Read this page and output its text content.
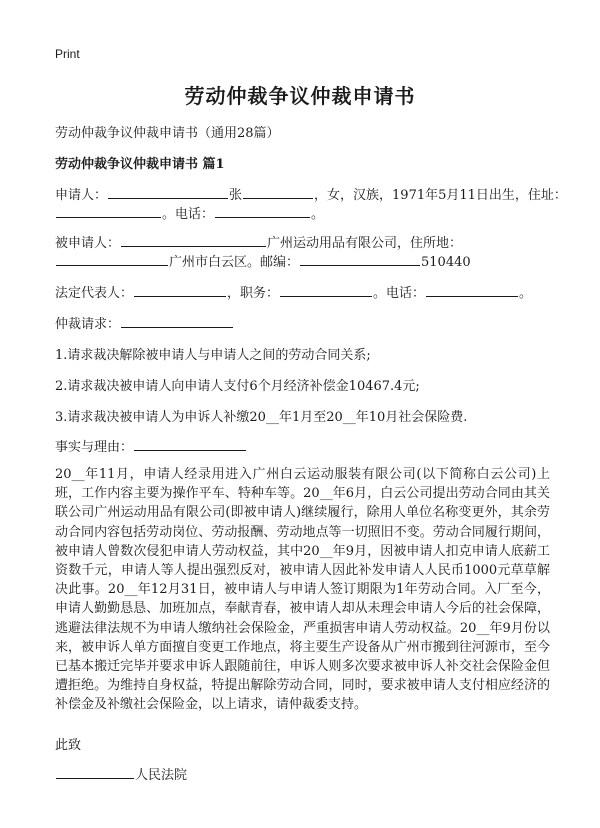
Print
劳动仲裁争议仲裁申请书
劳动仲裁争议仲裁申请书（通用28篇）
劳动仲裁争议仲裁申请书 篇1
申请人：	张	，女，汉族，1971年5月11日出生，住址：
。电话：	。
被申请人：	广州运动用品有限公司，住所地：
广州市白云区。邮编：	510440
法定代表人：	，职务：	。电话：	。
仲裁请求：
1.请求裁决解除被申请人与申请人之间的劳动合同关系;
2.请求裁决被申请人向申请人支付6个月经济补偿金10467.4元;
3.请求裁决被申请人为申诉人补缴20__年1月至20__年10月社会保险费.
事实与理由：
20__年11月，申请人经录用进入广州白云运动服装有限公司(以下简称白云公司)上班，工作内容主要为操作平车、特种车等。20__年6月，白云公司提出劳动合同由其关联公司广州运动用品有限公司(即被申请人)继续履行，除用人单位名称变更外，其余劳动合同内容包括劳动岗位、劳动报酬、劳动地点等一切照旧不变。劳动合同履行期间，被申请人曾数次侵犯申请人劳动权益，其中20__年9月，因被申请人扣克申请人底薪工资数千元，申请人等人提出强烈反对，被申请人因此补发申请人人民币1000元草草解决此事。20__年12月31日，被申请人与申请人签订期限为1年劳动合同。入厂至今，申请人勤勤恳恳、加班加点，奉献青春，被申请人却从未理会申请人今后的社会保障，逃避法律法规不为申请人缴纳社会保险金，严重损害申请人劳动权益。20__年9月份以来，被申诉人单方面擅自变更工作地点，将主要生产设备从广州市搬到往河源市，至今已基本搬迁完毕并要求申诉人跟随前往，申诉人则多次要求被申诉人补交社会保险金但遭拒绝。为维持自身权益，特提出解除劳动合同，同时，要求被申请人支付相应经济的补偿金及补缴社会保险金，以上请求，请仲裁委支持。
此致
人民法院
